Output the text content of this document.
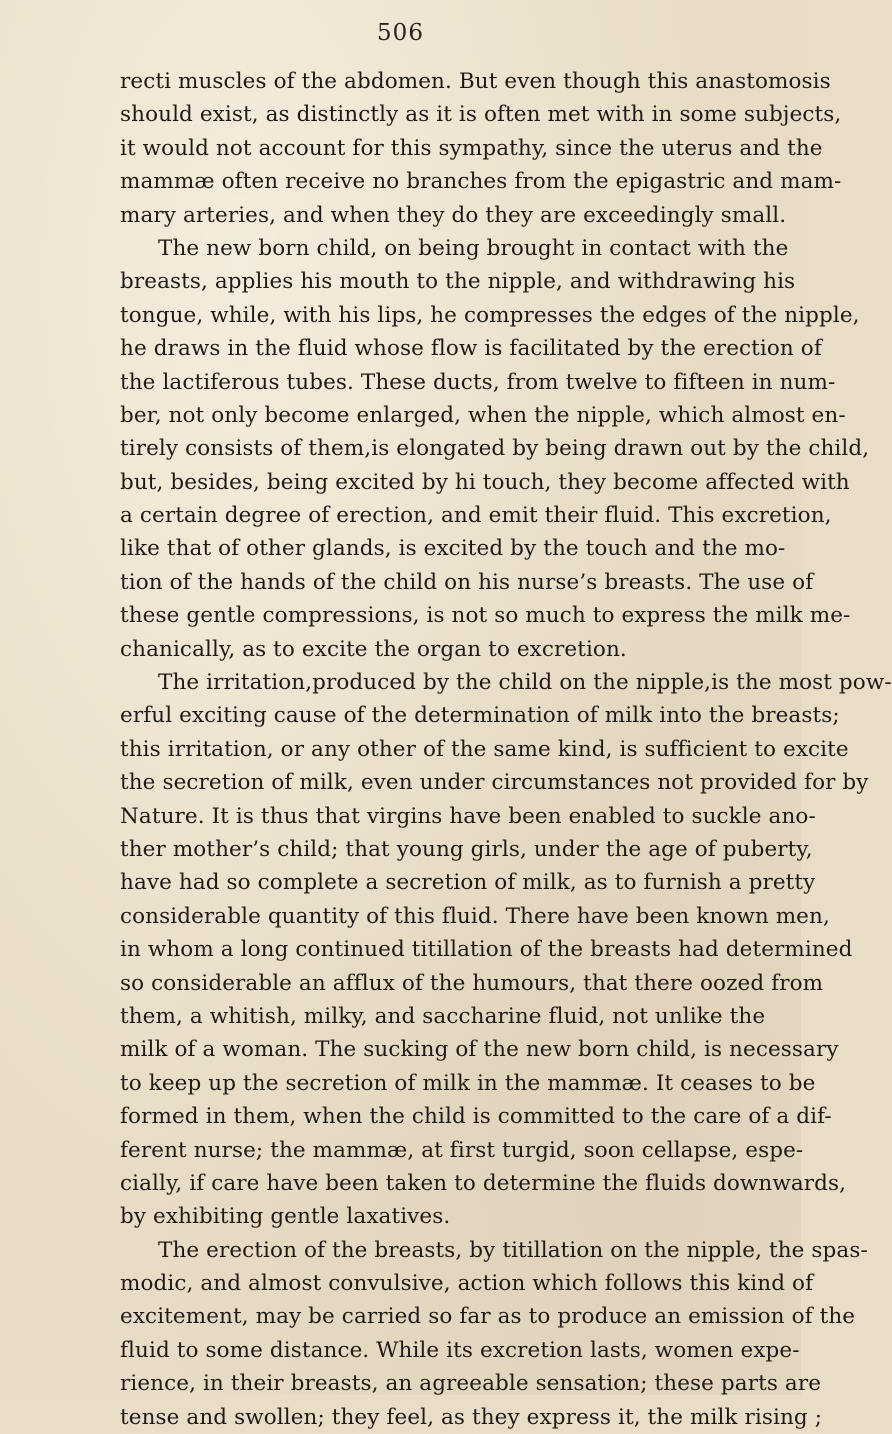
506
recti muscles of the abdomen. But even though this anastomosis
should exist, as distinctly as it is often met with in some subjects,
it would not account for this sympathy, since the uterus and the
mammæ often receive no branches from the epigastric and mam-
mary arteries, and when they do they are exceedingly small.
The new born child, on being brought in contact with the
breasts, applies his mouth to the nipple, and withdrawing his
tongue, while, with his lips, he compresses the edges of the nipple,
he draws in the fluid whose flow is facilitated by the erection of
the lactiferous tubes. These ducts, from twelve to fifteen in num-
ber, not only become enlarged, when the nipple, which almost en-
tirely consists of them,is elongated by being drawn out by the child,
but, besides, being excited by hi touch, they become affected with
a certain degree of erection, and emit their fluid. This excretion,
like that of other glands, is excited by the touch and the mo-
tion of the hands of the child on his nurse’s breasts. The use of
these gentle compressions, is not so much to express the milk me-
chanically, as to excite the organ to excretion.
The irritation,produced by the child on the nipple,is the most pow-
erful exciting cause of the determination of milk into the breasts;
this irritation, or any other of the same kind, is sufficient to excite
the secretion of milk, even under circumstances not provided for by
Nature. It is thus that virgins have been enabled to suckle ano-
ther mother’s child; that young girls, under the age of puberty,
have had so complete a secretion of milk, as to furnish a pretty
considerable quantity of this fluid. There have been known men,
in whom a long continued titillation of the breasts had determined
so considerable an afflux of the humours, that there oozed from
them, a whitish, milky, and saccharine fluid, not unlike the
milk of a woman. The sucking of the new born child, is necessary
to keep up the secretion of milk in the mammæ. It ceases to be
formed in them, when the child is committed to the care of a dif-
ferent nurse; the mammæ, at first turgid, soon cellapse, espe-
cially, if care have been taken to determine the fluids downwards,
by exhibiting gentle laxatives.
The erection of the breasts, by titillation on the nipple, the spas-
modic, and almost convulsive, action which follows this kind of
excitement, may be carried so far as to produce an emission of the
fluid to some distance. While its excretion lasts, women expe-
rience, in their breasts, an agreeable sensation; these parts are
tense and swollen; they feel, as they express it, the milk rising ;
